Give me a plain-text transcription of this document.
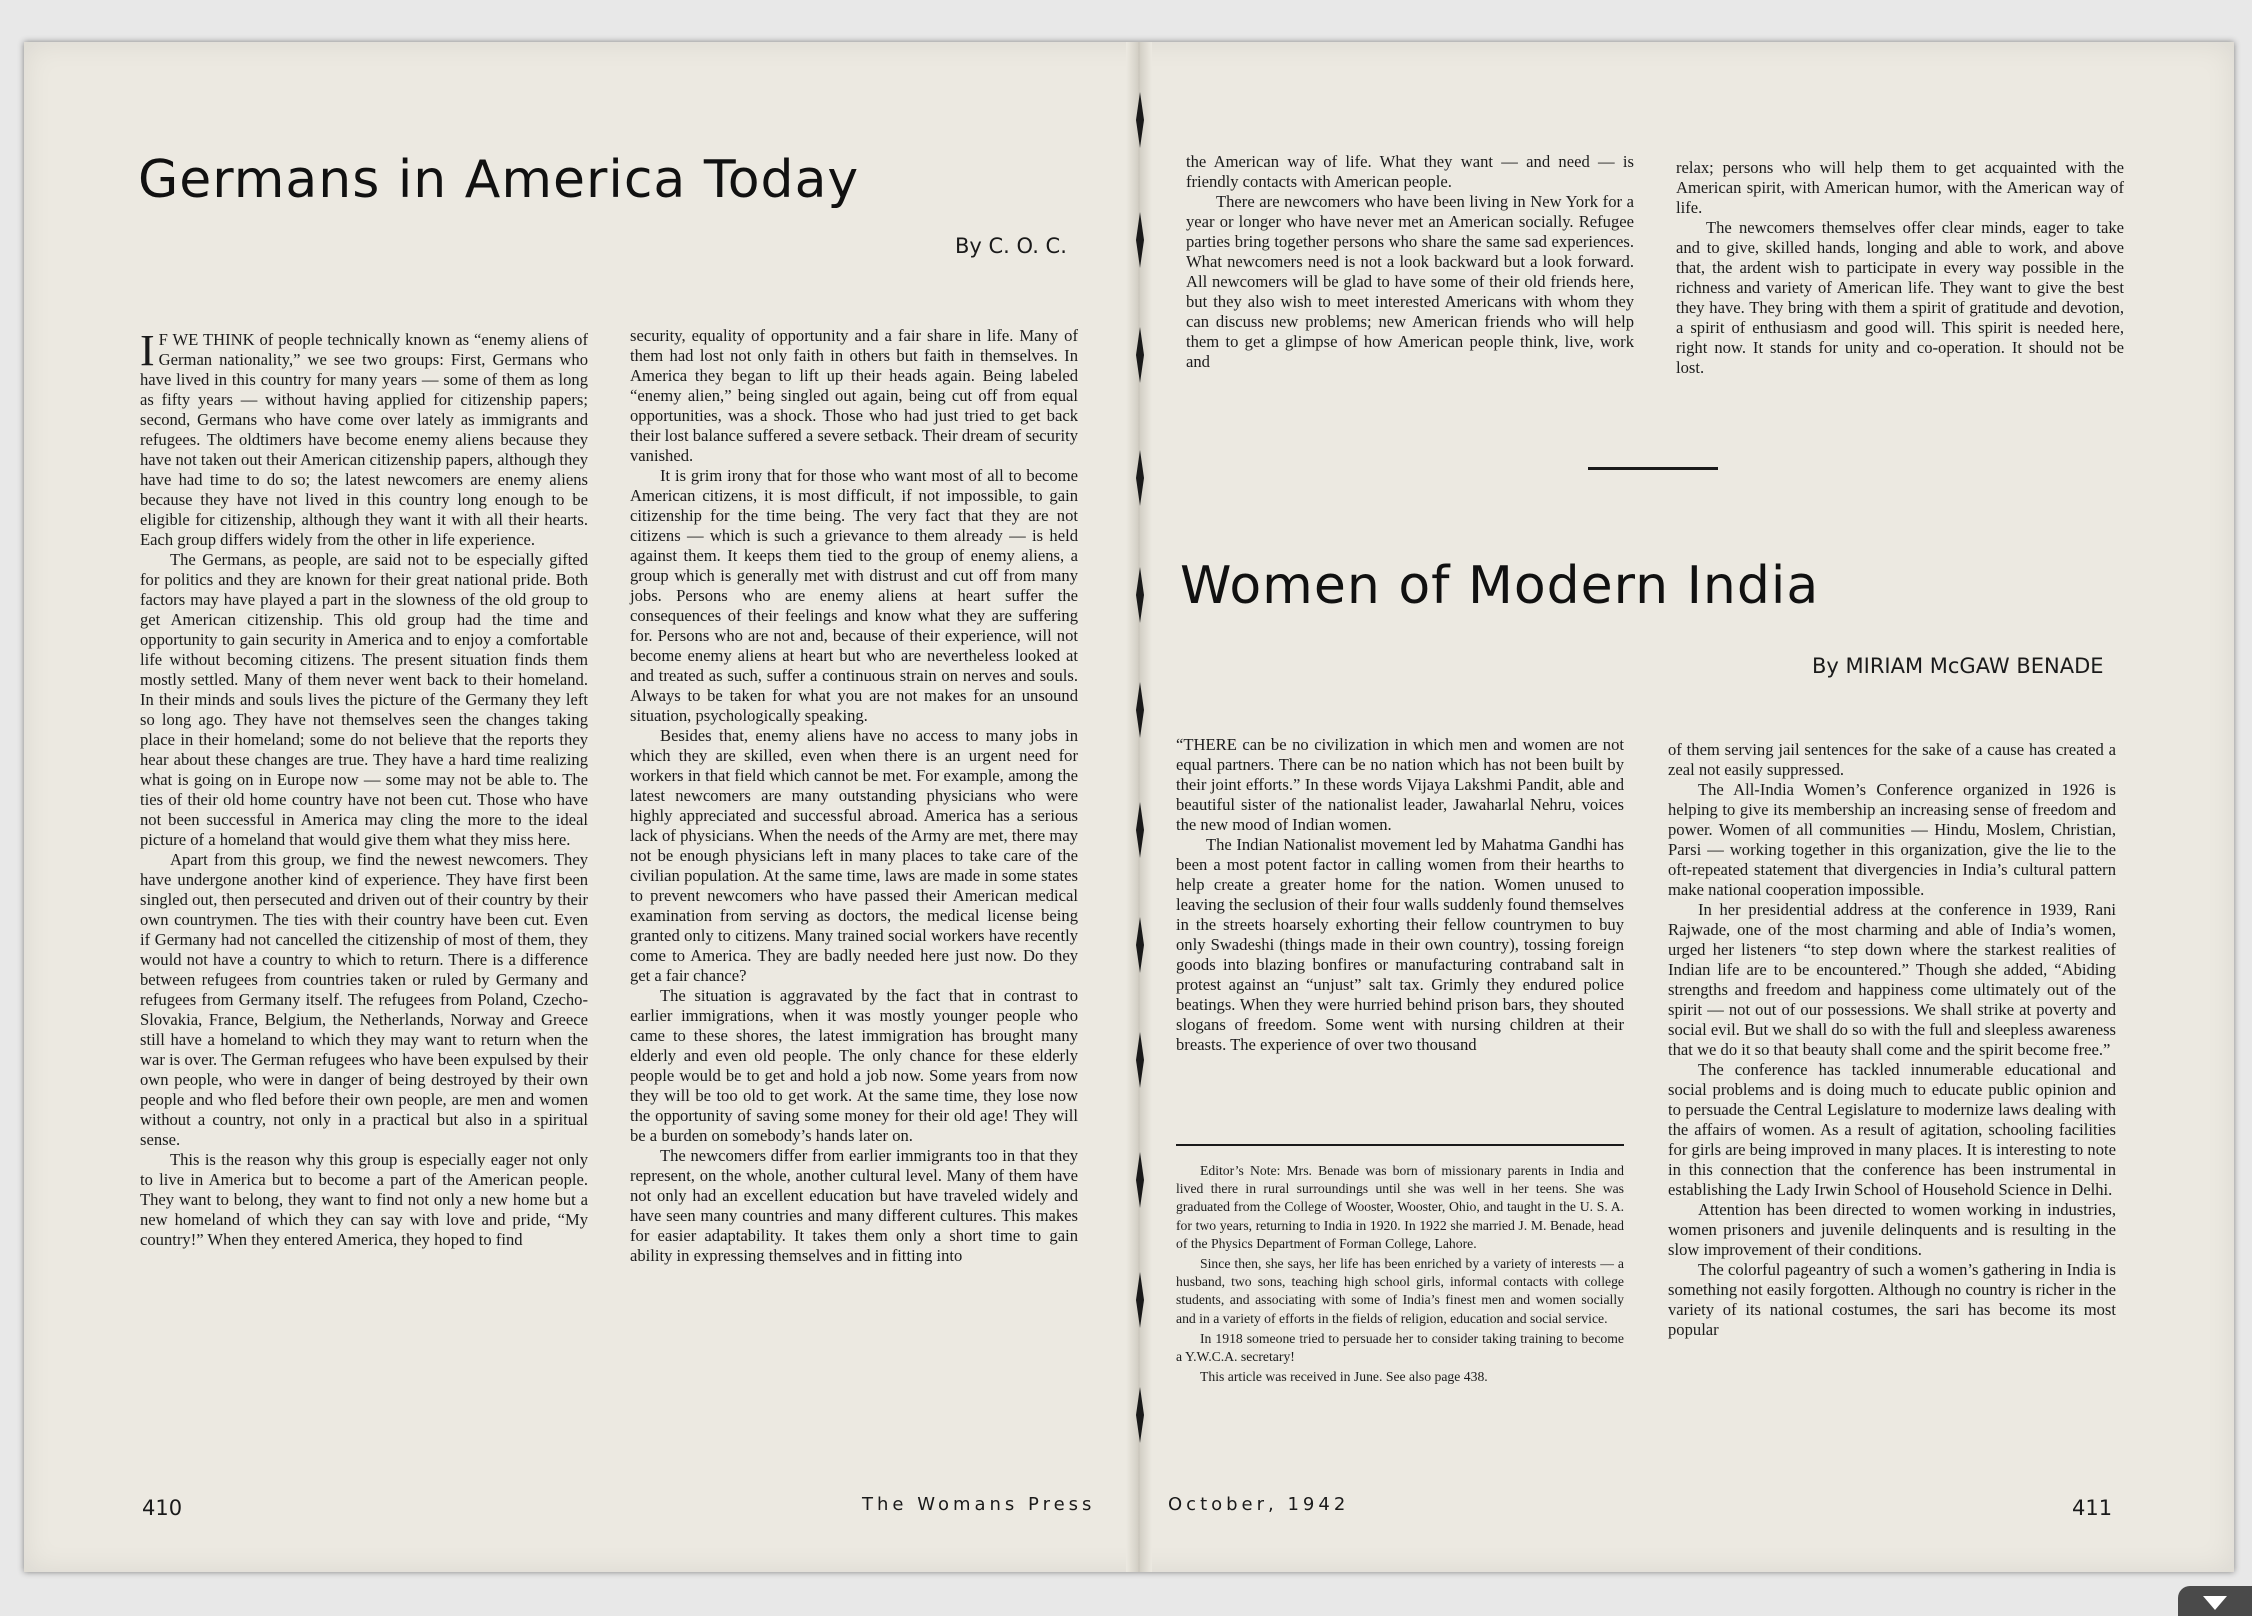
Germans in America Today
By C. O. C.

IF WE THINK of people technically known as “enemy aliens of German nationality,” we see two groups: First, Germans who have lived in this country for many years — some of them as long as fifty years — without having applied for citizenship papers; second, Germans who have come over lately as immigrants and refugees. The oldtimers have become enemy aliens because they have not taken out their American citizenship papers, although they have had time to do so; the latest newcomers are enemy aliens because they have not lived in this country long enough to be eligible for citizenship, although they want it with all their hearts. Each group differs widely from the other in life experience.

The Germans, as people, are said not to be especially gifted for politics and they are known for their great national pride. Both factors may have played a part in the slowness of the old group to get American citizenship. This old group had the time and opportunity to gain security in America and to enjoy a comfortable life without becoming citizens. The present situation finds them mostly settled. Many of them never went back to their homeland. In their minds and souls lives the picture of the Germany they left so long ago. They have not themselves seen the changes taking place in their homeland; some do not believe that the reports they hear about these changes are true. They have a hard time realizing what is going on in Europe now — some may not be able to. The ties of their old home country have not been cut. Those who have not been successful in America may cling the more to the ideal picture of a homeland that would give them what they miss here.

Apart from this group, we find the newest newcomers. They have undergone another kind of experience. They have first been singled out, then persecuted and driven out of their country by their own countrymen. The ties with their country have been cut. Even if Germany had not cancelled the citizenship of most of them, they would not have a country to which to return. There is a difference between refugees from countries taken or ruled by Germany and refugees from Germany itself. The refugees from Poland, Czecho-Slovakia, France, Belgium, the Netherlands, Norway and Greece still have a homeland to which they may want to return when the war is over. The German refugees who have been expulsed by their own people, who were in danger of being destroyed by their own people and who fled before their own people, are men and women without a country, not only in a practical but also in a spiritual sense.

This is the reason why this group is especially eager not only to live in America but to become a part of the American people. They want to belong, they want to find not only a new home but a new homeland of which they can say with love and pride, “My country!” When they entered America, they hoped to find

security, equality of opportunity and a fair share in life. Many of them had lost not only faith in others but faith in themselves. In America they began to lift up their heads again. Being labeled “enemy alien,” being singled out again, being cut off from equal opportunities, was a shock. Those who had just tried to get back their lost balance suffered a severe setback. Their dream of security vanished.

It is grim irony that for those who want most of all to become American citizens, it is most difficult, if not impossible, to gain citizenship for the time being. The very fact that they are not citizens — which is such a grievance to them already — is held against them. It keeps them tied to the group of enemy aliens, a group which is generally met with distrust and cut off from many jobs. Persons who are enemy aliens at heart suffer the consequences of their feelings and know what they are suffering for. Persons who are not and, because of their experience, will not become enemy aliens at heart but who are nevertheless looked at and treated as such, suffer a continuous strain on nerves and souls. Always to be taken for what you are not makes for an unsound situation, psychologically speaking.

Besides that, enemy aliens have no access to many jobs in which they are skilled, even when there is an urgent need for workers in that field which cannot be met. For example, among the latest newcomers are many outstanding physicians who were highly appreciated and successful abroad. America has a serious lack of physicians. When the needs of the Army are met, there may not be enough physicians left in many places to take care of the civilian population. At the same time, laws are made in some states to prevent newcomers who have passed their American medical examination from serving as doctors, the medical license being granted only to citizens. Many trained social workers have recently come to America. They are badly needed here just now. Do they get a fair chance?

The situation is aggravated by the fact that in contrast to earlier immigrations, when it was mostly younger people who came to these shores, the latest immigration has brought many elderly and even old people. The only chance for these elderly people would be to get and hold a job now. Some years from now they will be too old to get work. At the same time, they lose now the opportunity of saving some money for their old age! They will be a burden on somebody’s hands later on.

The newcomers differ from earlier immigrants too in that they represent, on the whole, another cultural level. Many of them have not only had an excellent education but have traveled widely and have seen many countries and many different cultures. This makes for easier adaptability. It takes them only a short time to gain ability in expressing themselves and in fitting into

410	The Womans Press

the American way of life. What they want — and need — is friendly contacts with American people.

There are newcomers who have been living in New York for a year or longer who have never met an American socially. Refugee parties bring together persons who share the same sad experiences. What newcomers need is not a look backward but a look forward. All newcomers will be glad to have some of their old friends here, but they also wish to meet interested Americans with whom they can discuss new problems; new American friends who will help them to get a glimpse of how American people think, live, work and

relax; persons who will help them to get acquainted with the American spirit, with American humor, with the American way of life.

The newcomers themselves offer clear minds, eager to take and to give, skilled hands, longing and able to work, and above that, the ardent wish to participate in every way possible in the richness and variety of American life. They want to give the best they have. They bring with them a spirit of gratitude and devotion, a spirit of enthusiasm and good will. This spirit is needed here, right now. It stands for unity and co-operation. It should not be lost.

Women of Modern India
By MIRIAM McGAW BENADE

“THERE can be no civilization in which men and women are not equal partners. There can be no nation which has not been built by their joint efforts.” In these words Vijaya Lakshmi Pandit, able and beautiful sister of the nationalist leader, Jawaharlal Nehru, voices the new mood of Indian women.

The Indian Nationalist movement led by Mahatma Gandhi has been a most potent factor in calling women from their hearths to help create a greater home for the nation. Women unused to leaving the seclusion of their four walls suddenly found themselves in the streets hoarsely exhorting their fellow countrymen to buy only Swadeshi (things made in their own country), tossing foreign goods into blazing bonfires or manufacturing contraband salt in protest against an “unjust” salt tax. Grimly they endured police beatings. When they were hurried behind prison bars, they shouted slogans of freedom. Some went with nursing children at their breasts. The experience of over two thousand

Editor’s Note: Mrs. Benade was born of missionary parents in India and lived there in rural surroundings until she was well in her teens. She was graduated from the College of Wooster, Wooster, Ohio, and taught in the U. S. A. for two years, returning to India in 1920. In 1922 she married J. M. Benade, head of the Physics Department of Forman College, Lahore.

Since then, she says, her life has been enriched by a variety of interests — a husband, two sons, teaching high school girls, informal contacts with college students, and associating with some of India’s finest men and women socially and in a variety of efforts in the fields of religion, education and social service.

In 1918 someone tried to persuade her to consider taking training to become a Y.W.C.A. secretary!

This article was received in June. See also page 438.

of them serving jail sentences for the sake of a cause has created a zeal not easily suppressed.

The All-India Women’s Conference organized in 1926 is helping to give its membership an increasing sense of freedom and power. Women of all communities — Hindu, Moslem, Christian, Parsi — working together in this organization, give the lie to the oft-repeated statement that divergencies in India’s cultural pattern make national cooperation impossible.

In her presidential address at the conference in 1939, Rani Rajwade, one of the most charming and able of India’s women, urged her listeners “to step down where the starkest realities of Indian life are to be encountered.” Though she added, “Abiding strengths and freedom and happiness come ultimately out of the spirit — not out of our possessions. We shall strike at poverty and social evil. But we shall do so with the full and sleepless awareness that we do it so that beauty shall come and the spirit become free.”

The conference has tackled innumerable educational and social problems and is doing much to educate public opinion and to persuade the Central Legislature to modernize laws dealing with the affairs of women. As a result of agitation, schooling facilities for girls are being improved in many places. It is interesting to note in this connection that the conference has been instrumental in establishing the Lady Irwin School of Household Science in Delhi.

Attention has been directed to women working in industries, women prisoners and juvenile delinquents and is resulting in the slow improvement of their conditions.

The colorful pageantry of such a women’s gathering in India is something not easily forgotten. Although no country is richer in the variety of its national costumes, the sari has become its most popular

October, 1942	411
